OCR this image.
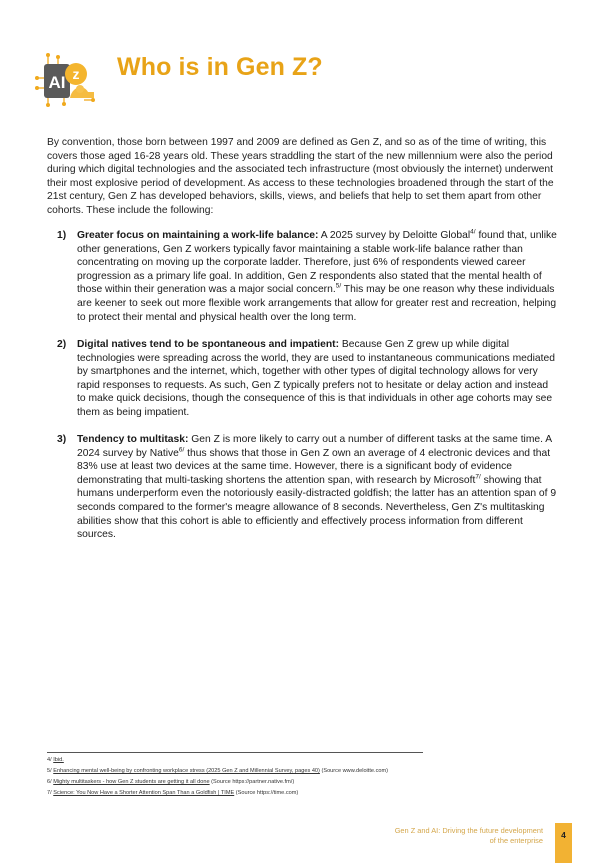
AI z Who is in Gen Z?

By convention, those born between 1997 and 2009 are defined as Gen Z, and so as of the time of writing, this covers those aged 16-28 years old. These years straddling the start of the new millennium were also the period during which digital technologies and the associated tech infrastructure (most obviously the internet) underwent their most explosive period of development. As access to these technologies broadened through the start of the 21st century, Gen Z has developed behaviors, skills, views, and beliefs that help to set them apart from other cohorts. These include the following:

1) Greater focus on maintaining a work-life balance: A 2025 survey by Deloitte Global$^{4/}$ found that, unlike other generations, Gen Z workers typically favor maintaining a stable work-life balance rather than concentrating on moving up the corporate ladder. Therefore, just 6% of respondents viewed career progression as a primary life goal. In addition, Gen Z respondents also stated that the mental health of those within their generation was a major social concern.$^{5/}$ This may be one reason why these individuals are keener to seek out more flexible work arrangements that allow for greater rest and recreation, helping to protect their mental and physical health over the long term.
2) Digital natives tend to be spontaneous and impatient: Because Gen Z grew up while digital technologies were spreading across the world, they are used to instantaneous communications mediated by smartphones and the internet, which, together with other types of digital technology allows for very rapid responses to requests. As such, Gen Z typically prefers not to hesitate or delay action and instead to make quick decisions, though the consequence of this is that individuals in other age cohorts may see them as being impatient.
3) Tendency to multitask: Gen Z is more likely to carry out a number of different tasks at the same time. A 2024 survey by Native$^{6/}$ thus shows that those in Gen Z own an average of 4 electronic devices and that 83% use at least two devices at the same time. However, there is a significant body of evidence demonstrating that multi-tasking shortens the attention span, with research by Microsoft$^{7/}$ showing that humans underperform even the notoriously easily-distracted goldfish; the latter has an attention span of 9 seconds compared to the former's meagre allowance of 8 seconds. Nevertheless, Gen Z's multitasking abilities show that this cohort is able to efficiently and effectively process information from different sources.
4/ Ibid.
5/ Enhancing mental well-being by confronting workplace stress (2025 Gen Z and Millennial Survey, pages 40) (Source www.deloitte.com)
6/ Mighty multitaskers - how Gen Z students are getting it all done (Source https://partner.native.fm/)
7/ Science: You Now Have a Shorter Attention Span Than a Goldfish | TIME (Source https://time.com)
Gen Z and AI: Driving the future development
of the enterprise
4
